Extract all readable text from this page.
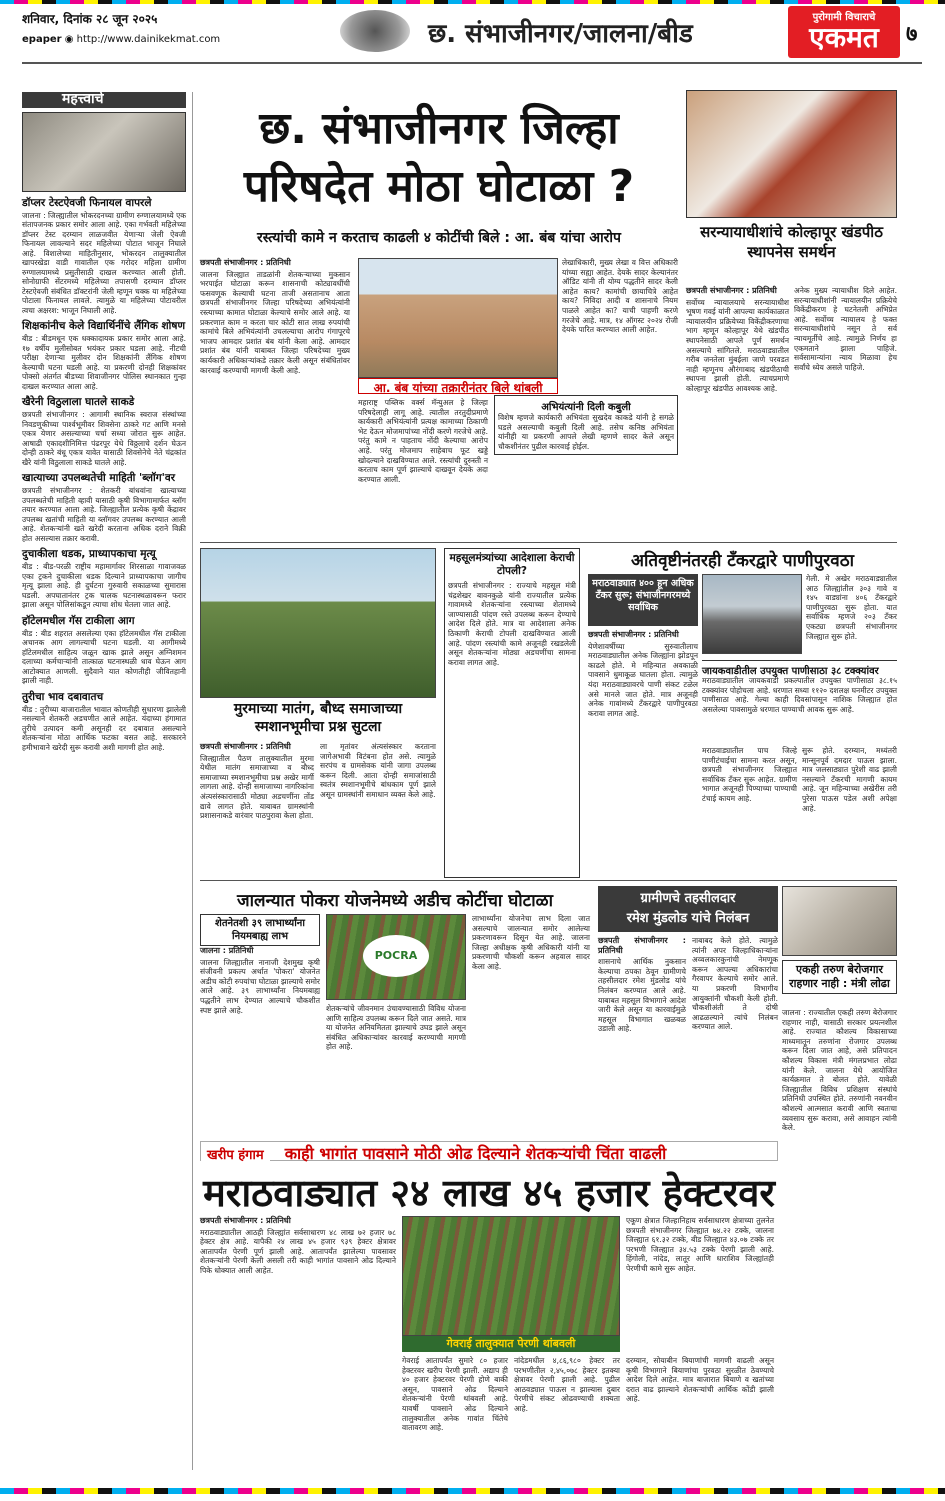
शनिवार, दिनांक २८ जून २०२५
epaper ◉ http://www.dainikekmat.com	छ. संभाजीनगर/जालना/बीड
पुरोगामी विचाराचे
एकमत	७
महत्त्वाचे
डॉप्लर टेस्टऐवजी फिनायल वापरले

जालना : जिल्ह्यातील भोकरदनच्या ग्रामीण रुग्णालयामध्ये एक संतापजनक प्रकार समोर आला आहे. एका गर्भवती महिलेच्या डॉप्लर टेस्ट दरम्यान लाळजवीत येणाऱ्या जेली ऐवजी फिनायल लावल्याने सदर महिलेच्या पोटात भाजून निघाले आहे. विशालेच्या माहितीनुसार, भोकरदन तालुक्यातील खापरखेडा वाडी गावातील एक गरोदर महिला ग्रामीण रुग्णालयामध्ये प्रसुतीसाठी दाखल करण्यात आली होती. सोनोग्राफी सेंटरमध्ये महिलेच्या तपासणी दरम्यान डॉप्लर टेस्टऐवजी संबंधित डॉक्टरांनी जेली म्हणून चक्क या महिलेच्या पोटाला फिनायल लावले. त्यामुळे या महिलेच्या पोटावरील त्वचा अक्षरश: भाजून निघाली आहे.

शिक्षकांनीच केले विद्यार्थिनींचे लैंगिक शोषण

बीड : बीडमधून एक धक्कादायक प्रकार समोर आला आहे. १७ वर्षीय मुलीसोबत भयंकर प्रकार घडला आहे. नीटची परीक्षा देणाऱ्या मुलीवर दोन शिक्षकांनी लैंगिक शोषण केल्याची घटना घडली आहे. या प्रकरणी दोनही शिक्षकांवर पोक्सो अंतर्गत बीडच्या शिवाजीनगर पोलिस स्थानकात गुन्हा दाखल करण्यात आला आहे.

खैरेनी विठुलाला घातले साकडे

छत्रपती संभाजीनगर : आगामी स्थानिक स्वराज संस्थांच्या निवडणुकीच्या पार्श्वभूमीवर शिवसेना ठाकरे गट आणि मनसे एकत्र येणार असल्याच्या चर्चा सध्या जोरात सुरू आहेत. आषाढी एकादशीनिमित्त पंढरपूर येथे विठ्ठलाचे दर्शन घेऊन दोन्ही ठाकरे बंधू एकत्र यावेत यासाठी शिवसेनेचे नेते चंद्रकांत खैरे यांनी विठुलाला साकडे घातले आहे.

खात्याच्या उपलब्धतेची माहिती 'ब्लॉग'वर

छत्रपती संभाजीनगर : शेतकरी बांधवांना खात्याच्या उपलब्धतेची माहिती व्हावी यासाठी कृषी विभागामार्फत ब्लॉग तयार करण्यात आला आहे. जिल्ह्यातील प्रत्येक कृषी केंद्रावर उपलब्ध खतांची माहिती या ब्लॉगवर उपलब्ध करण्यात आली आहे. शेतकऱ्यांनी खते खरेदी करताना अधिक दराने विक्री होत असल्यास तक्रार करावी.

दुचाकीला धडक, प्राध्यापकाचा मृत्यू

बीड : बीड-परळी राष्ट्रीय महामार्गावर शिरसाळा गावाजवळ एका ट्रकने दुचाकीला धडक दिल्याने प्राध्यापकाचा जागीच मृत्यू झाला आहे. ही दुर्घटना गुरुवारी सकाळच्या सुमारास घडली. अपघातानंतर ट्रक चालक घटनास्थळावरून फरार झाला असून पोलिसांकडून त्याचा शोध घेतला जात आहे.

हॉटेलमधील गॅस टाकीला आग

बीड : बीड शहरात असलेल्या एका हॉटेलमधील गॅस टाकीला अचानक आग लागल्याची घटना घडली. या आगीमध्ये हॉटेलमधील साहित्य जळून खाक झाले असून अग्निशमन दलाच्या कर्मचाऱ्यांनी तात्काळ घटनास्थळी धाव घेऊन आग आटोक्यात आणली. सुदैवाने यात कोणतीही जीवितहानी झाली नाही.

तुरीचा भाव दबावातच

बीड : तुरीच्या बाजारातील भावात कोणतीही सुधारणा झालेली नसल्याने शेतकरी अडचणीत आले आहेत. यंदाच्या हंगामात तुरीचे उत्पादन कमी असूनही दर दबावात असल्याने शेतकऱ्यांना मोठा आर्थिक फटका बसत आहे. सरकारने हमीभावाने खरेदी सुरू करावी अशी मागणी होत आहे.

छ. संभाजीनगर जिल्हा
परिषदेत मोठा घोटाळा ?
रस्त्यांची कामे न करताच काढली ४ कोटींची बिले : आ. बंब यांचा आरोप
छत्रपती संभाजीनगर : प्रतिनिधी

जालना जिल्ह्यात ताडळांनी शेतकऱ्याच्या मुकसान भरपाईत घोटाळा करून शासनाची कोट्यावधींची फसवणूक केल्याची घटना ताजी असतानाच आता छत्रपती संभाजीनगर जिल्हा परिषदेच्या अभियंत्यांनी रस्त्याच्या कामात घोटाळा केल्याचे समोर आले आहे. या प्रकरणात काम न करता चार कोटी सात लाख रुपयांची कामांचे बिले अभियंत्यांनी उचलल्याचा आरोप गंगापूरचे भाजप आमदार प्रशांत बंब यांनी केला आहे. आमदार प्रशांत बंब यांनी याबाबत जिल्हा परिषदेच्या मुख्य कार्यकारी अधिकाऱ्यांकडे तक्रार केली असून संबंधितांवर कारवाई करण्याची मागणी केली आहे.

आ. बंब यांच्या तक्रारीनंतर बिले थांबली
महाराष्ट्र पब्लिक वर्क्स मॅन्युअल हे जिल्हा परिषदेलाही लागू आहे. त्यातील तरतुदीप्रमाणे कार्यकारी अभियंत्यांनी प्रत्यक्ष कामाच्या ठिकाणी भेट देऊन मोजमापांच्या नोंदी करणे गरजेचे आहे. परंतु कामे न पाहताच नोंदी केल्याचा आरोप आहे. परंतु मोजमाप साहेबाच फूट खड्डे खोदल्याने दाखविण्यात आले. रस्त्यांची दुरुस्ती न करताच काम पूर्ण झाल्याचे दाखवून देयके अदा करण्यात आली.
लेखाधिकारी, मुख्य लेखा व वित्त अधिकारी यांच्या सह्या आहेत. देयके सादर केल्यानंतर ऑडिट यांनी ती योग्य पद्धतीने सादर केली आहेत काय? कामांची छायाचित्रे आहेत काय? निविदा आदी व शासनाचे नियम पाळले आहेत का? याची पाहणी करणे गरजेचे आहे. मात्र, १४ ऑगस्ट २०२४ रोजी देयके पारित करण्यात आली आहेत.
अभियंत्यांनी दिली कबुली
विशेष म्हणजे कार्यकारी अभियंता सुखदेव काकडे यांनी हे सगळे घडले असल्याची कबुली दिली आहे. तसेच कनिष्ठ अभियंता यांनीही या प्रकरणी आपले लेखी म्हणणे सादर केले असून चौकशीनंतर पुढील कारवाई होईल.
सरन्यायाधीशांचे कोल्हापूर खंडपीठ स्थापनेस समर्थन
छत्रपती संभाजीनगर : प्रतिनिधी

सर्वोच्च न्यायालयाचे सरन्यायाधीश भूषण गवई यांनी आपल्या कार्यकाळात न्यायालयीन प्रक्रियेच्या विकेंद्रीकरणाचा भाग म्हणून कोल्हापूर येथे खंडपीठ स्थापनेसाठी आपले पूर्ण समर्थन असल्याचे सांगितले. मराठवाड्यातील गरीब जनतेला मुंबईला जाणे परवडत नाही म्हणूनच औरंगाबाद खंडपीठाची स्थापना झाली होती. त्याचप्रमाणे कोल्हापूर खंडपीठ आवश्यक आहे.

अनेक मुख्य न्यायाधीश दिले आहेत. सरन्यायाधीशांनी न्यायालयीन प्रक्रियेचे विकेंद्रीकरण हे घटनेतली अभिप्रेत आहे. सर्वोच्च न्यायालय हे फक्त सरन्यायाधीशांचे नसून ते सर्व न्यायमूर्तीचे आहे. त्यामुळे निर्णय हा एकमताने झाला पाहिजे. सर्वसामान्यांना न्याय मिळावा हेच सर्वांचे ध्येय असले पाहिजे.
मुरमाच्या मातंग, बौध्द समाजाच्या स्मशानभूमीचा प्रश्न सुटला
छत्रपती संभाजीनगर : प्रतिनिधी

जिल्ह्यातील पैठण तालुक्यातील मुरमा येथील मातंग समाजाच्या व बौध्द समाजाच्या स्मशानभूमीचा प्रश्न अखेर मार्गी लागला आहे. दोन्ही समाजाच्या नागरिकांना अंत्यसंस्कारासाठी मोठ्या अडचणींना तोंड द्यावे लागत होते. याबाबत ग्रामस्थांनी प्रशासनाकडे वारंवार पाठपुरावा केला होता.

ला मृतांवर अंत्यसंस्कार करताना जागेअभावी विटंबना होत असे. त्यामुळे सरपंच व ग्रामसेवक यांनी जागा उपलब्ध करून दिली. आता दोन्ही समाजांसाठी स्वतंत्र स्मशानभूमीचे बांधकाम पूर्ण झाले असून ग्रामस्थांनी समाधान व्यक्त केले आहे.
महसूलमंत्र्यांच्या आदेशाला केराची टोपली?
छत्रपती संभाजीनगर : राज्याचे महसूल मंत्री चंद्रशेखर बावनकुळे यांनी राज्यातील प्रत्येक गावामध्ये शेतकऱ्यांना रस्त्याच्या शेतामध्ये जाण्यासाठी पांदण रस्ते उपलब्ध करून देण्याचे आदेश दिले होते. मात्र या आदेशाला अनेक ठिकाणी केराची टोपली दाखविण्यात आली आहे. पांदण रस्त्यांची कामे अजूनही रखडलेली असून शेतकऱ्यांना मोठ्या अडचणींचा सामना करावा लागत आहे.
अतिवृष्टीनंतरही टँकरद्वारे पाणीपुरवठा
मराठवाड्यात ४०० हून अधिक टँकर सुरू; संभाजीनगरमध्ये सर्वाधिक
गेली. मे अखेर मराठवाड्यातील आठ जिल्ह्यांतील ३०३ गावे व १४५ वाड्यांना ४०६ टँकरद्वारे पाणीपुरवठा सुरू होता. यात सर्वाधिक म्हणजे २०३ टँकर एकट्या छत्रपती संभाजीनगर जिल्ह्यात सुरू होते.
छत्रपती संभाजीनगर : प्रतिनिधी

येणेशावर्षीच्या सुरुवातीलाच मराठवाड्यातील अनेक जिल्ह्यांना झोडपून काढले होते. मे महिन्यात अवकाळी पावसाने धुमाकूळ घातला होता. त्यामुळे यंदा मराठवाड्यावरचे पाणी संकट टळेल असे मानले जात होते. मात्र अजूनही अनेक गावांमध्ये टँकरद्वारे पाणीपुरवठा करावा लागत आहे.

जायकवाडीतील उपयुक्त पाणीसाठा ३८ टक्क्यांवर
मराठवाड्यातील जायकवाडी प्रकल्पातील उपयुक्त पाणीसाठा ३८.१५ टक्क्यांवर पोहोचला आहे. धरणात सध्या ११२० दशलक्ष घनमीटर उपयुक्त पाणीसाठा आहे. गेल्या काही दिवसांपासून नाशिक जिल्ह्यात होत असलेल्या पावसामुळे धरणात पाण्याची आवक सुरू आहे.
मराठवाड्यातील पाच जिल्हे पाणीटंचाईचा सामना करत असून, छत्रपती संभाजीनगर जिल्ह्यात सर्वाधिक टँकर सुरू आहेत. ग्रामीण भागात अजूनही पिण्याच्या पाण्याची टंचाई कायम आहे.
सुरू होते. दरम्यान, मध्यंतरी मान्सूनपूर्व दमदार पाऊस झाला. मात्र जलसाठ्यात पुरेशी वाढ झाली नसल्याने टँकरची मागणी कायम आहे. जून महिन्याच्या अखेरीस तरी पुरेसा पाऊस पडेल अशी अपेक्षा आहे.
जालन्यात पोकरा योजनेमध्ये अडीच कोटींचा घोटाळा
शेतनेतशी ३९ लाभार्थ्यांना नियमबाह्य लाभ
जालना : प्रतिनिधी

जालना जिल्ह्यातील नानाजी देशमुख कृषी संजीवनी प्रकल्प अर्थात 'पोकरा' योजनेत अडीच कोटी रुपयांचा घोटाळा झाल्याचे समोर आले आहे. ३९ लाभार्थ्यांना नियमबाह्य पद्धतीने लाभ देण्यात आल्याचे चौकशीत स्पष्ट झाले आहे.

POCRA
शेतकऱ्यांचे जीवनमान उंचावण्यासाठी विविध योजना आणि साहित्य उपलब्ध करून दिले जात असते. मात्र या योजनेत अनियमितता झाल्याचे उघड झाले असून संबंधित अधिकाऱ्यांवर कारवाई करण्याची मागणी होत आहे.
लाभार्थ्यांना योजनेचा लाभ दिला जात असल्याचे जालन्यात समोर आलेल्या प्रकरणावरून दिसून येत आहे. जालना जिल्हा अधीक्षक कृषी अधिकारी यांनी या प्रकरणाची चौकशी करून अहवाल सादर केला आहे.
ग्रामीणचे तहसीलदार
रमेश मुंडलोड यांचे निलंबन
छत्रपती संभाजीनगर : प्रतिनिधी

शासनाचे आर्थिक नुकसान केल्याचा ठपका ठेवून ग्रामीणचे तहसीलदार रमेश मुंडलोड यांचे निलंबन करण्यात आले आहे. याबाबत महसूल विभागाने आदेश जारी केले असून या कारवाईमुळे महसूल विभागात खळबळ उडाली आहे.

नाबाबद केले होते. त्यामुळे त्यांनी अपर जिल्हाधिकाऱ्यांना अव्वलकारकुनांची नेमणूक करून आपल्या अधिकारांचा गैरवापर केल्याचे समोर आले. या प्रकरणी विभागीय आयुक्तांनी चौकशी केली होती. चौकशीअंती ते दोषी आढळल्याने त्यांचे निलंबन करण्यात आले.
एकही तरुण बेरोजगार राहणार नाही : मंत्री लोढा
जालना : राज्यातील एकही तरुण बेरोजगार राहणार नाही, यासाठी सरकार प्रयत्नशील आहे. राज्यात कौशल्य विकासाच्या माध्यमातून तरुणांना रोजगार उपलब्ध करून दिला जात आहे, असे प्रतिपादन कौशल्य विकास मंत्री मंगलप्रभात लोढा यांनी केले. जालना येथे आयोजित कार्यक्रमात ते बोलत होते. यावेळी जिल्ह्यातील विविध प्रशिक्षण संस्थांचे प्रतिनिधी उपस्थित होते. तरुणांनी नवनवीन कौशल्ये आत्मसात करावी आणि स्वतःचा व्यवसाय सुरू करावा, असे आवाहन त्यांनी केले.
खरीप हंगाम काही भागांत पावसाने मोठी ओढ दिल्याने शेतकऱ्यांची चिंता वाढली
मराठवाड्यात २४ लाख ४५ हजार हेक्टरवर
छत्रपती संभाजीनगर : प्रतिनिधी

मराठवाड्यातील आठही जिल्ह्यांत सर्वसाधारण ४८ लाख ७२ हजार ७८ हेक्टर क्षेत्र आहे. यापैकी २४ लाख ४५ हजार ९३९ हेक्टर क्षेत्रावर आतापर्यंत पेरणी पूर्ण झाली आहे. आतापर्यंत झालेल्या पावसावर शेतकऱ्यांनी पेरणी केली असली तरी काही भागांत पावसाने ओढ दिल्याने पिके धोक्यात आली आहेत.

गेवराई तालुक्यात पेरणी थांबवली
गेवराई आतापर्यंत सुमारे ८० हजार हेक्टरवर खरीप पेरणी झाली. अद्याप ही ४० हजार हेक्टरवर पेरणी होणे बाकी असून, पावसाने ओढ दिल्याने शेतकऱ्यांनी पेरणी थांबवली आहे. यावर्षी पावसाने ओढ दिल्याने तालुक्यातील अनेक गावांत चिंतेचे वातावरण आहे.
नांदेडमधील ४,८६,९८० हेक्टर तर परभणीतील २,४५,०७८ हेक्टर इतक्या क्षेत्रावर पेरणी झाली आहे. पुढील आठवड्यात पाऊस न झाल्यास दुबार पेरणीचे संकट ओढवण्याची शक्यता आहे.
एकूण क्षेत्रात जिल्हानिहाय सर्वसाधारण क्षेत्राच्या तुलनेत छत्रपती संभाजीनगर जिल्ह्यात ७४.२२ टक्के, जालना जिल्ह्यात ६१.३२ टक्के, बीड जिल्ह्यात ४३.०७ टक्के तर परभणी जिल्ह्यात ३४.५३ टक्के पेरणी झाली आहे. हिंगोली, नांदेड, लातूर आणि धाराशिव जिल्ह्यांतही पेरणीची कामे सुरू आहेत.
दरम्यान, सोयाबीन बियाणांची मागणी वाढली असून कृषी विभागाने बियाणांचा पुरवठा सुरळीत ठेवण्याचे आदेश दिले आहेत. मात्र बाजारात बियाणे व खतांच्या दरात वाढ झाल्याने शेतकऱ्यांची आर्थिक कोंडी झाली आहे.
